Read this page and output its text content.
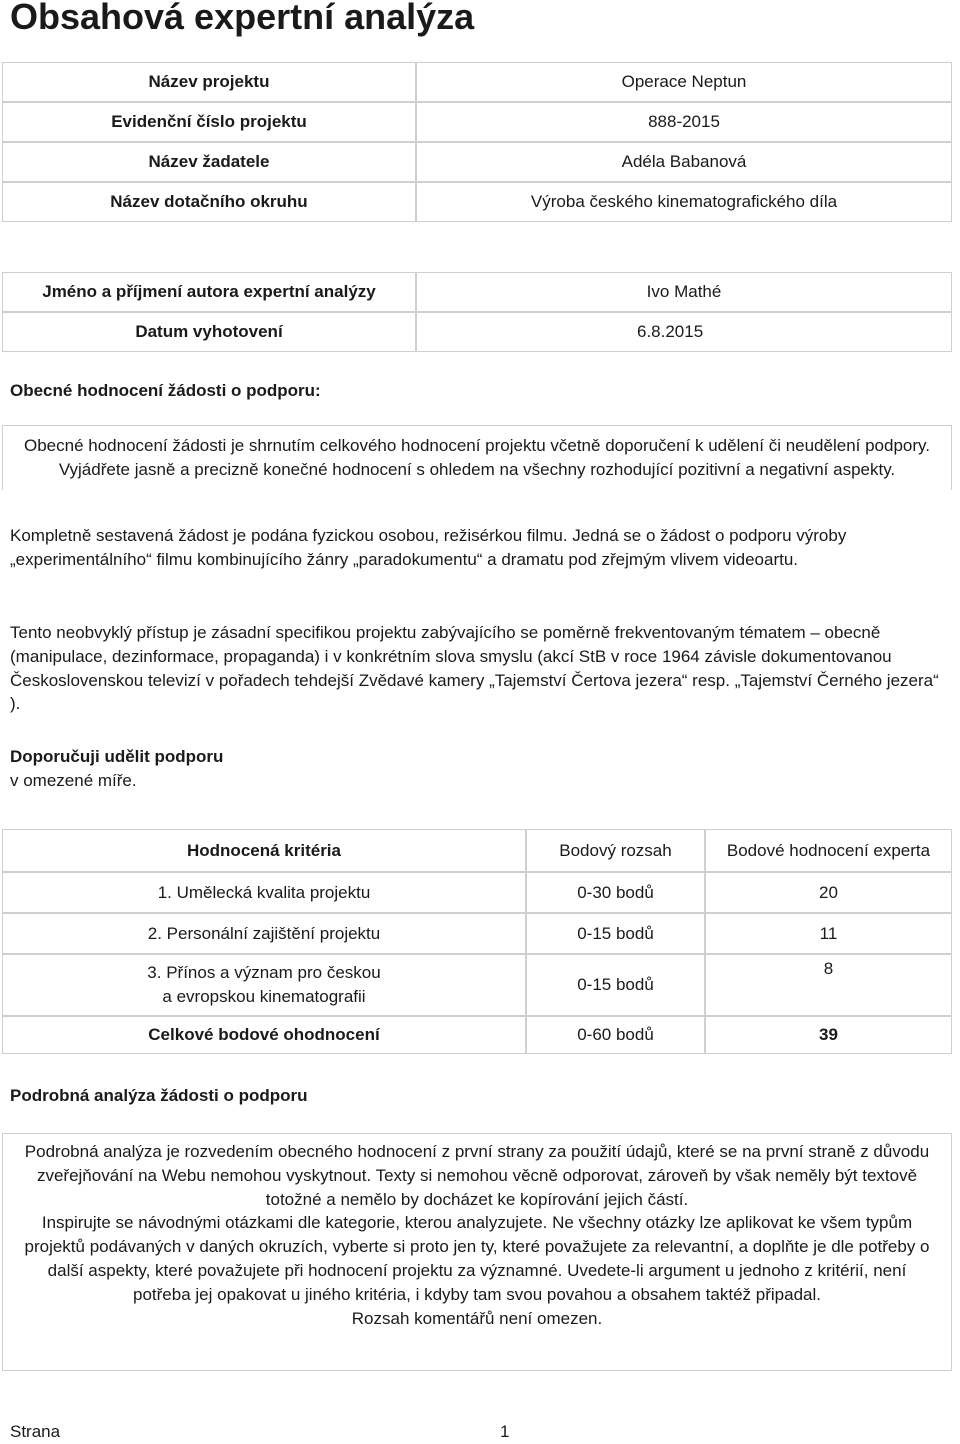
Obsahová expertní analýza
Název projektu	Operace Neptun
Evidenční číslo projektu	888-2015
Název žadatele	Adéla Babanová
Název dotačního okruhu	Výroba českého kinematografického díla
Jméno a příjmení autora expertní analýzy	Ivo Mathé
Datum vyhotovení	6.8.2015
Obecné hodnocení žádosti o podporu:
Obecné hodnocení žádosti je shrnutím celkového hodnocení projektu včetně doporučení k udělení či neudělení podpory. Vyjádřete jasně a precizně konečné hodnocení s ohledem na všechny rozhodující pozitivní a negativní aspekty.
Kompletně sestavená žádost je podána fyzickou osobou, režisérkou filmu. Jedná se o žádost o podporu výroby „experimentálního“ filmu kombinujícího žánry „paradokumentu“ a dramatu pod zřejmým vlivem videoartu.
Tento neobvyklý přístup je zásadní specifikou projektu zabývajícího se poměrně frekventovaným tématem – obecně (manipulace, dezinformace, propaganda) i v konkrétním slova smyslu (akcí StB v roce 1964 závisle dokumentovanou Československou televizí v pořadech tehdejší Zvědavé kamery „Tajemství Čertova jezera“ resp. „Tajemství Černého jezera“ ).
Doporučuji udělit podporu
v omezené míře.
Hodnocená kritéria	Bodový rozsah	Bodové hodnocení experta
1. Umělecká kvalita projektu	0-30 bodů	20
2. Personální zajištění projektu	0-15 bodů	11
3. Přínos a význam pro českou a evropskou kinematografii	0-15 bodů	8
Celkové bodové ohodnocení	0-60 bodů	39
Podrobná analýza žádosti o podporu
Podrobná analýza je rozvedením obecného hodnocení z první strany za použití údajů, které se na první straně z důvodu zveřejňování na Webu nemohou vyskytnout. Texty si nemohou věcně odporovat, zároveň by však neměly být textově totožné a nemělo by docházet ke kopírování jejich částí.
Inspirujte se návodnými otázkami dle kategorie, kterou analyzujete. Ne všechny otázky lze aplikovat ke všem typům projektů podávaných v daných okruzích, vyberte si proto jen ty, které považujete za relevantní, a doplňte je dle potřeby o další aspekty, které považujete při hodnocení projektu za významné. Uvedete-li argument u jednoho z kritérií, není potřeba jej opakovat u jiného kritéria, i kdyby tam svou povahou a obsahem taktéž připadal.
Rozsah komentářů není omezen.
Strana	1
